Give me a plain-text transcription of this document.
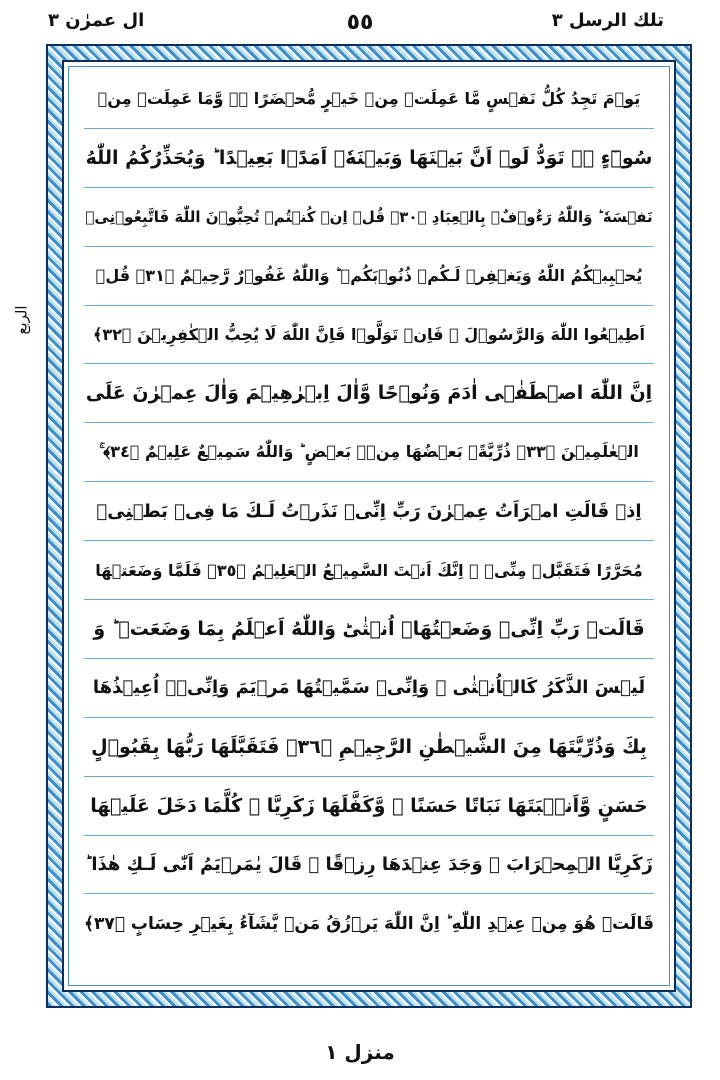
ال عمرٰن ٣	٥٥	تلك الرسل ٣
الربع
يَوۡمَ تَجِدُ كُلُّ نَفۡسٍ مَّا عَمِلَتۡ مِنۡ خَيۡرٍ مُّحۡضَرًا ۖۛ وَّمَا عَمِلَتۡ مِنۡ
سُوۡٓءٍ ۚۛ تَوَدُّ لَوۡ اَنَّ بَيۡنَهَا وَبَيۡنَهٗۤ اَمَدًۢا بَعِيۡدًا ؕ وَيُحَذِّرُكُمُ اللّٰهُ
نَفۡسَهٗ ؕ وَاللّٰهُ رَءُوۡفٌۢ بِالۡعِبَادِ ﴿٣٠﴾ قُلۡ اِنۡ كُنۡتُمۡ تُحِبُّوۡنَ اللّٰهَ فَاتَّبِعُوۡنِىۡ
يُحۡبِبۡكُمُ اللّٰهُ وَيَغۡفِرۡ لَـكُمۡ ذُنُوۡبَكُمۡ ؕ وَاللّٰهُ غَفُوۡرٌ رَّحِيۡمٌ ﴿٣١﴾ قُلۡ
اَطِيۡعُوا اللّٰهَ وَالرَّسُوۡلَ ۚ فَاِنۡ تَوَلَّوۡا فَاِنَّ اللّٰهَ لَا يُحِبُّ الۡكٰفِرِيۡنَ ﴿٣٢﴾
اِنَّ اللّٰهَ اصۡطَفٰۤى اٰدَمَ وَنُوۡحًا وَّاٰلَ اِبۡرٰهِيۡمَ وَاٰلَ عِمۡرٰنَ عَلَى
الۡعٰلَمِيۡنَ ﴿٣٣﴾ ذُرِّيَّةًۢ بَعۡضُهَا مِنۡۢ بَعۡضٍ ؕ وَاللّٰهُ سَمِيۡعٌ عَلِيۡمٌ ﴿٣٤﴾ ۚ
اِذۡ قَالَتِ امۡرَاَتُ عِمۡرٰنَ رَبِّ اِنِّىۡ نَذَرۡتُ لَـكَ مَا فِىۡ بَطۡنِىۡ
مُحَرَّرًا فَتَقَبَّلۡ مِنِّىۡ ۚ اِنَّكَ اَنۡتَ السَّمِيۡعُ الۡعَلِيۡمُ ﴿٣٥﴾ فَلَمَّا وَضَعَتۡهَا
قَالَتۡ رَبِّ اِنِّىۡ وَضَعۡتُهَاۤ اُنۡثٰىؕ وَاللّٰهُ اَعۡلَمُ بِمَا وَضَعَتۡ ؕ وَ
لَيۡسَ الذَّكَرُ كَالۡاُنۡثٰى ۚ وَاِنِّىۡ سَمَّيۡتُهَا مَرۡيَمَ وَاِنِّىۡۤ اُعِيۡذُهَا
بِكَ وَذُرِّيَّتَهَا مِنَ الشَّيۡطٰنِ الرَّجِيۡمِ ﴿٣٦﴾ فَتَقَبَّلَهَا رَبُّهَا بِقَبُوۡلٍ
حَسَنٍ وَّاَنۡۢبَتَهَا نَبَاتًا حَسَنًا ۙ وَّكَفَّلَهَا زَكَرِيَّا ۚ كُلَّمَا دَخَلَ عَلَيۡهَا
زَكَرِيَّا الۡمِحۡرَابَ ۙ وَجَدَ عِنۡدَهَا رِزۡقًا ۚ قَالَ يٰمَرۡيَمُ اَنّٰى لَـكِ هٰذَا ؕ
قَالَتۡ هُوَ مِنۡ عِنۡدِ اللّٰهِ ؕ اِنَّ اللّٰهَ يَرۡزُقُ مَنۡ يَّشَآءُ بِغَيۡرِ حِسَابٍ ﴿٣٧﴾
منزل ١
